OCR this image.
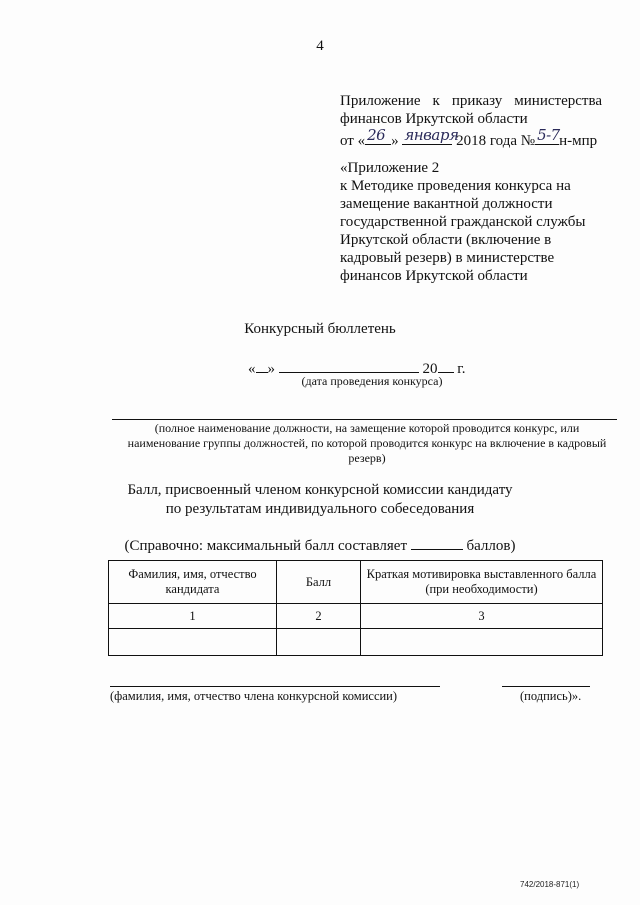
4
Приложение к приказу министерства
финансов Иркутской области
от « 26 » января
2018 года № 5-7 н-мпр
«Приложение 2
к Методике проведения конкурса на
замещение вакантной должности
государственной гражданской службы
Иркутской области (включение в
кадровый резерв) в министерстве
финансов Иркутской области
Конкурсный бюллетень
« »	20 г.
(дата проведения конкурса)
(полное наименование должности, на замещение которой проводится конкурс, или наименование группы должностей, по которой проводится конкурс на включение в кадровый резерв)
Балл, присвоенный членом конкурсной комиссии кандидату
по результатам индивидуального собеседования
(Справочно: максимальный балл составляет	баллов)
Фамилия, имя, отчество кандидата	Балл	Краткая мотивировка выставленного балла (при необходимости)
1	2	3

(фамилия, имя, отчество члена конкурсной комиссии)	(подпись)».
742/2018-871(1)
